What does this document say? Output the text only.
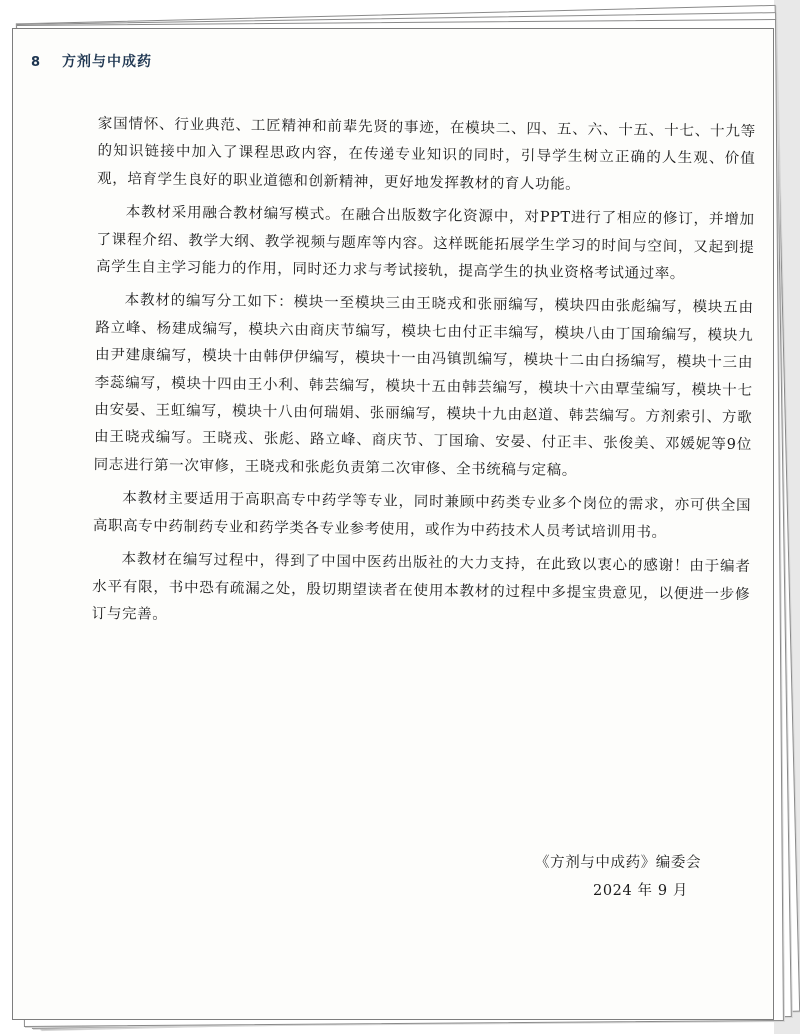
8 方剂与中成药

家国情怀、行业典范、工匠精神和前辈先贤的事迹，在模块二、四、五、六、十五、十七、十九等的知识链接中加入了课程思政内容，在传递专业知识的同时，引导学生树立正确的人生观、价值观，培育学生良好的职业道德和创新精神，更好地发挥教材的育人功能。

本教材采用融合教材编写模式。在融合出版数字化资源中，对PPT进行了相应的修订，并增加了课程介绍、教学大纲、教学视频与题库等内容。这样既能拓展学生学习的时间与空间，又起到提高学生自主学习能力的作用，同时还力求与考试接轨，提高学生的执业资格考试通过率。

本教材的编写分工如下：模块一至模块三由王晓戎和张丽编写，模块四由张彪编写，模块五由路立峰、杨建成编写，模块六由商庆节编写，模块七由付正丰编写，模块八由丁国瑜编写，模块九由尹建康编写，模块十由韩伊伊编写，模块十一由冯镇凯编写，模块十二由白扬编写，模块十三由李蕊编写，模块十四由王小利、韩芸编写，模块十五由韩芸编写，模块十六由覃莹编写，模块十七由安晏、王虹编写，模块十八由何瑞娟、张丽编写，模块十九由赵道、韩芸编写。方剂索引、方歌由王晓戎编写。王晓戎、张彪、路立峰、商庆节、丁国瑜、安晏、付正丰、张俊美、邓媛妮等9位同志进行第一次审修，王晓戎和张彪负责第二次审修、全书统稿与定稿。

本教材主要适用于高职高专中药学等专业，同时兼顾中药类专业多个岗位的需求，亦可供全国高职高专中药制药专业和药学类各专业参考使用，或作为中药技术人员考试培训用书。

本教材在编写过程中，得到了中国中医药出版社的大力支持，在此致以衷心的感谢！由于编者水平有限，书中恐有疏漏之处，殷切期望读者在使用本教材的过程中多提宝贵意见，以便进一步修订与完善。

《方剂与中成药》编委会
2024 年 9 月
